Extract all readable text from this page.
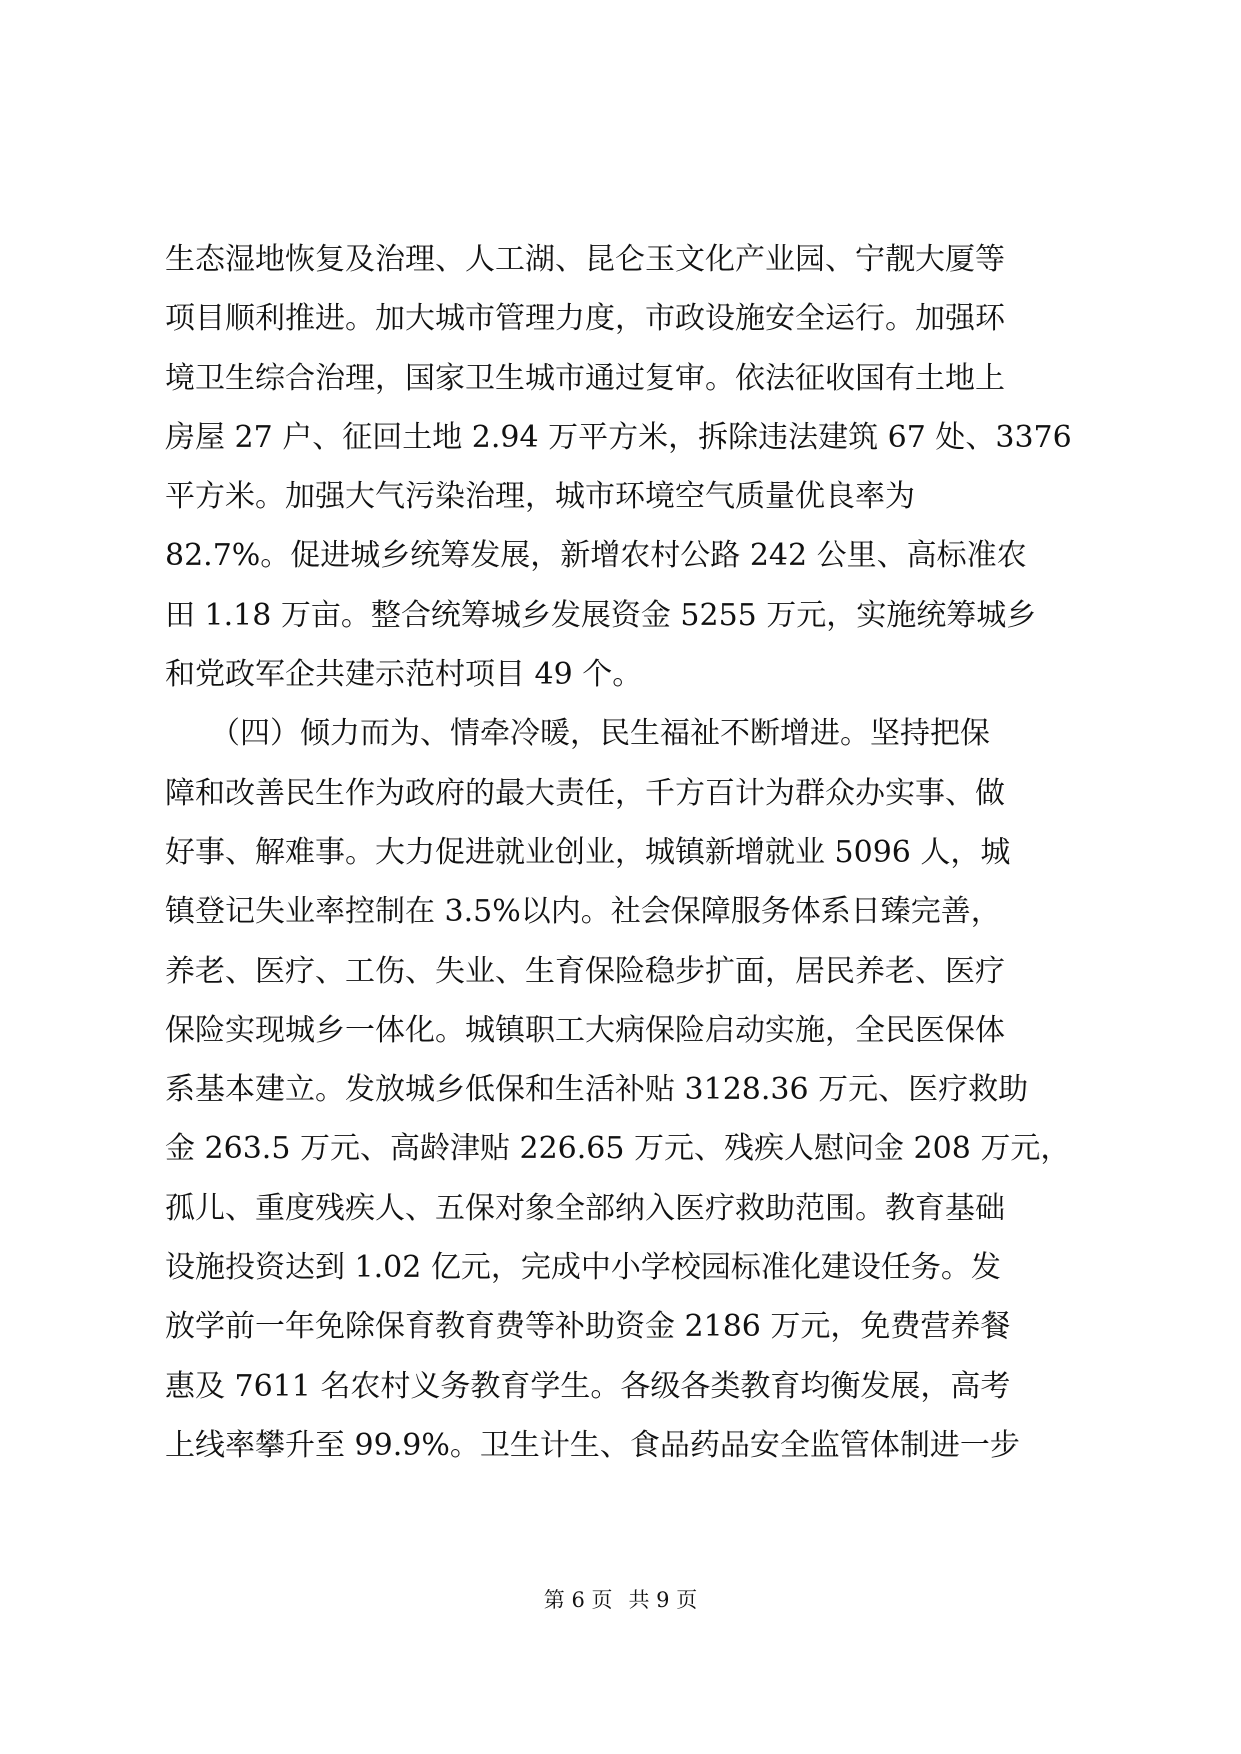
生态湿地恢复及治理、人工湖、昆仑玉文化产业园、宁靓大厦等
项目顺利推进。加大城市管理力度，市政设施安全运行。加强环
境卫生综合治理，国家卫生城市通过复审。依法征收国有土地上
房屋 27 户、征回土地 2.94 万平方米，拆除违法建筑 67 处、3376
平方米。加强大气污染治理，城市环境空气质量优良率为
82.7%。促进城乡统筹发展，新增农村公路 242 公里、高标准农
田 1.18 万亩。整合统筹城乡发展资金 5255 万元，实施统筹城乡
和党政军企共建示范村项目 49 个。
　　（四）倾力而为、情牵冷暖，民生福祉不断增进。坚持把保
障和改善民生作为政府的最大责任，千方百计为群众办实事、做
好事、解难事。大力促进就业创业，城镇新增就业 5096 人，城
镇登记失业率控制在 3.5%以内。社会保障服务体系日臻完善，
养老、医疗、工伤、失业、生育保险稳步扩面，居民养老、医疗
保险实现城乡一体化。城镇职工大病保险启动实施，全民医保体
系基本建立。发放城乡低保和生活补贴 3128.36 万元、医疗救助
金 263.5 万元、高龄津贴 226.65 万元、残疾人慰问金 208 万元，
孤儿、重度残疾人、五保对象全部纳入医疗救助范围。教育基础
设施投资达到 1.02 亿元，完成中小学校园标准化建设任务。发
放学前一年免除保育教育费等补助资金 2186 万元，免费营养餐
惠及 7611 名农村义务教育学生。各级各类教育均衡发展，高考
上线率攀升至 99.9%。卫生计生、食品药品安全监管体制进一步
第 6 页 共 9 页
